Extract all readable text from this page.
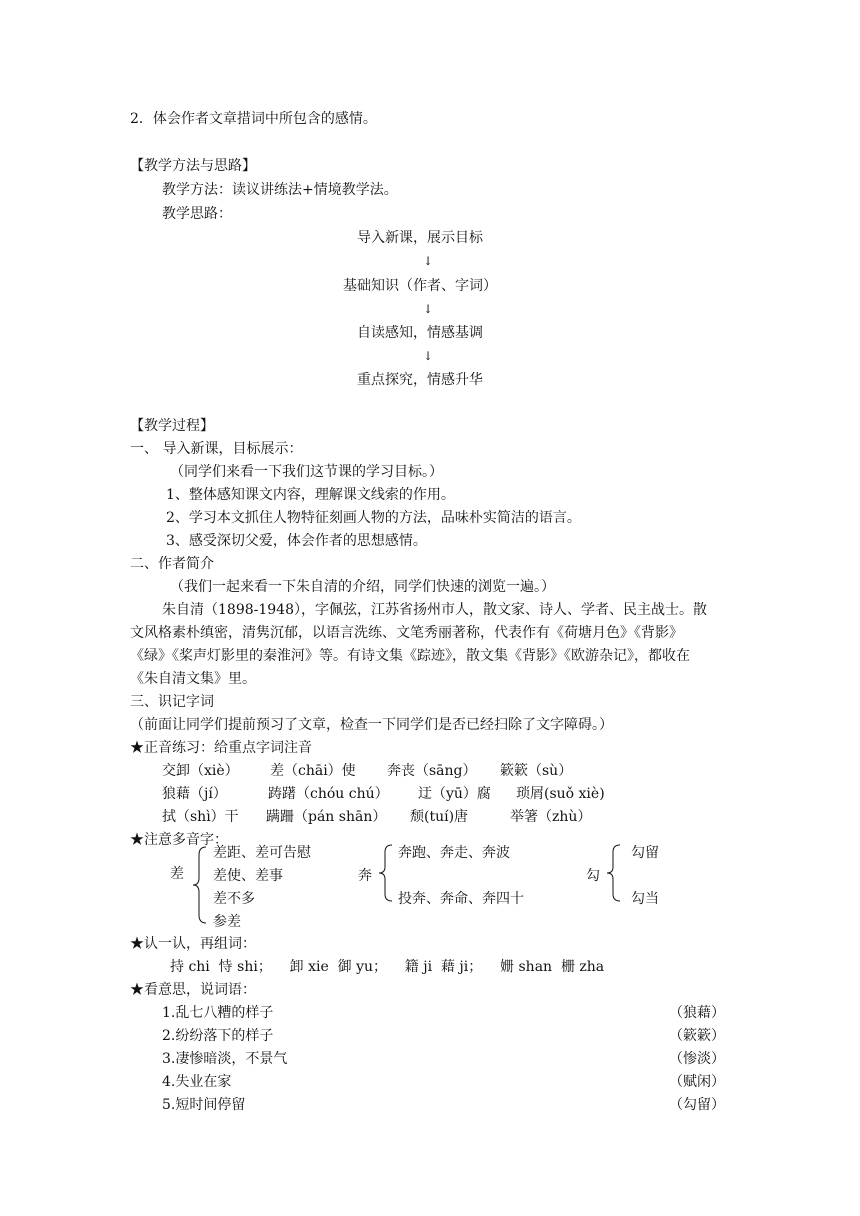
2．体会作者文章措词中所包含的感情。
【教学方法与思路】
教学方法：读议讲练法+情境教学法。
教学思路：
导入新课，展示目标
↓
基础知识（作者、字词）
↓
自读感知，情感基调
↓
重点探究，情感升华
【教学过程】
一、 导入新课，目标展示：
（同学们来看一下我们这节课的学习目标。）
1、整体感知课文内容，理解课文线索的作用。
2、学习本文抓住人物特征刻画人物的方法，品味朴实简洁的语言。
3、感受深切父爱，体会作者的思想感情。
二、作者简介
（我们一起来看一下朱自清的介绍，同学们快速的浏览一遍。）
朱自清（1898-1948），字佩弦，江苏省扬州市人，散文家、诗人、学者、民主战士。散
文风格素朴缜密，清隽沉郁，以语言洗练、文笔秀丽著称，代表作有《荷塘月色》《背影》
《绿》《桨声灯影里的秦淮河》等。有诗文集《踪迹》，散文集《背影》《欧游杂记》，都收在
《朱自清文集》里。
三、识记字词
（前面让同学们提前预习了文章，检查一下同学们是否已经扫除了文字障碍。）
★正音练习：给重点字词注音
交卸（xiè） 差（chāi）使 奔丧（sāng） 簌簌（sù）
狼藉（jí）	踌躇（chóu chú） 迂（yū）腐 琐屑(suǒ xiè)
拭（shì）干 蹒跚（pán shān） 颓(tuí)唐	举箸（zhù）
★注意多音字：
差
差距、差可告慰
差使、差事
差不多
参差
奔
奔跑、奔走、奔波
投奔、奔命、奔四十
勾
勾留
勾当
★认一认，再组词：
持 chi  恃 shi；    卸 xie  御 yu；    籍 ji  藉 ji；    姗 shan  栅 zha
★看意思，说词语：
1.乱七八糟的样子	（狼藉）
2.纷纷落下的样子	（簌簌）
3.凄惨暗淡，不景气	（惨淡）
4.失业在家	（赋闲）
5.短时间停留	（勾留）
